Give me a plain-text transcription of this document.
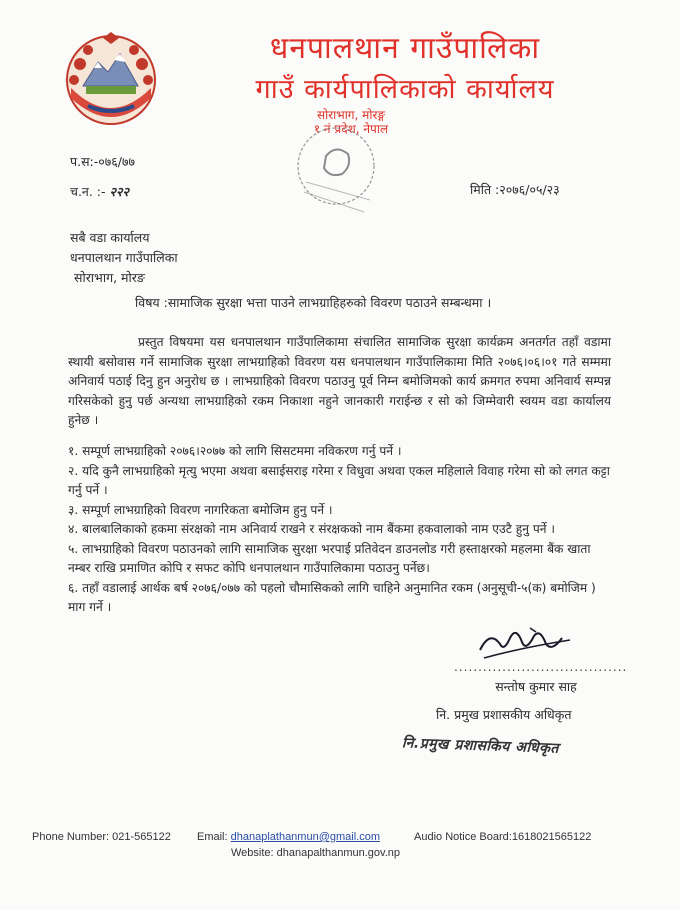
धनपालथान गाउँपालिका
गाउँ कार्यपालिकाको कार्यालय
सोराभाग, मोरङ्ग
१ नं प्रदेश, नेपाल
प.स:-०७६/७७
च.न. :- २२२	मिति :२०७६/०५/२३
सबै वडा कार्यालय
धनपालथान गाउँपालिका
सोराभाग, मोरङ
विषय :सामाजिक सुरक्षा भत्ता पाउने लाभग्राहिहरुको विवरण पठाउने सम्बन्धमा ।

प्रस्तुत विषयमा यस धनपालथान गाउँपालिकामा संचालित सामाजिक सुरक्षा कार्यक्रम अनतर्गत तहाँ वडामा स्थायी बसोवास गर्ने सामाजिक सुरक्षा लाभग्राहिको विवरण यस धनपालथान गाउँपालिकामा मिति २०७६।०६।०१ गते सम्ममा अनिवार्य पठाई दिनु हुन अनुरोध छ । लाभग्राहिको विवरण पठाउनु पूर्व निम्न बमोजिमको कार्य क्रमगत रुपमा अनिवार्य सम्पन्न गरिसकेको हुनु पर्छ अन्यथा लाभग्राहिको रकम निकाशा नहुने जानकारी गराईन्छ र सो को जिम्मेवारी स्वयम वडा कार्यालय हुनेछ ।

१. सम्पूर्ण लाभग्राहिको २०७६।२०७७ को लागि सिसटममा नविकरण गर्नु पर्ने ।
२. यदि कुनै लाभग्राहिको मृत्यु भएमा अथवा बसाईसराइ गरेमा र विधुवा अथवा एकल महिलाले विवाह गरेमा सो को लगत कट्टा गर्नु पर्ने ।
३. सम्पूर्ण लाभग्राहिको विवरण नागरिकता बमोजिम हुनु पर्ने ।
४. बालबालिकाको हकमा संरक्षको नाम अनिवार्य राखने र संरक्षकको नाम बैंकमा हकवालाको नाम एउटै हुनु पर्ने ।
५. लाभग्राहिको विवरण पठाउनको लागि सामाजिक सुरक्षा भरपाई प्रतिवेदन डाउनलोड गरी हस्ताक्षरको महलमा बैंक खाता नम्बर राखि प्रमाणित कोपि र सफट कोपि धनपालथान गाउँपालिकामा पठाउनु पर्नेछ।
६. तहाँ वडालाई आर्थक बर्ष २०७६/०७७ को पहलो चौमासिकको लागि चाहिने अनुमानित रकम (अनुसूची-५(क) बमोजिम ) माग गर्ने ।
....................................
सन्तोष कुमार साह
नि. प्रमुख प्रशासकीय अधिकृत
नि.प्रमुख प्रशासकिय अधिकृत
Phone Number: 021-565122 Email: dhanaplathanmun@gmail.com	Audio Notice Board:1618021565122
Website: dhanapalthanmun.gov.np
